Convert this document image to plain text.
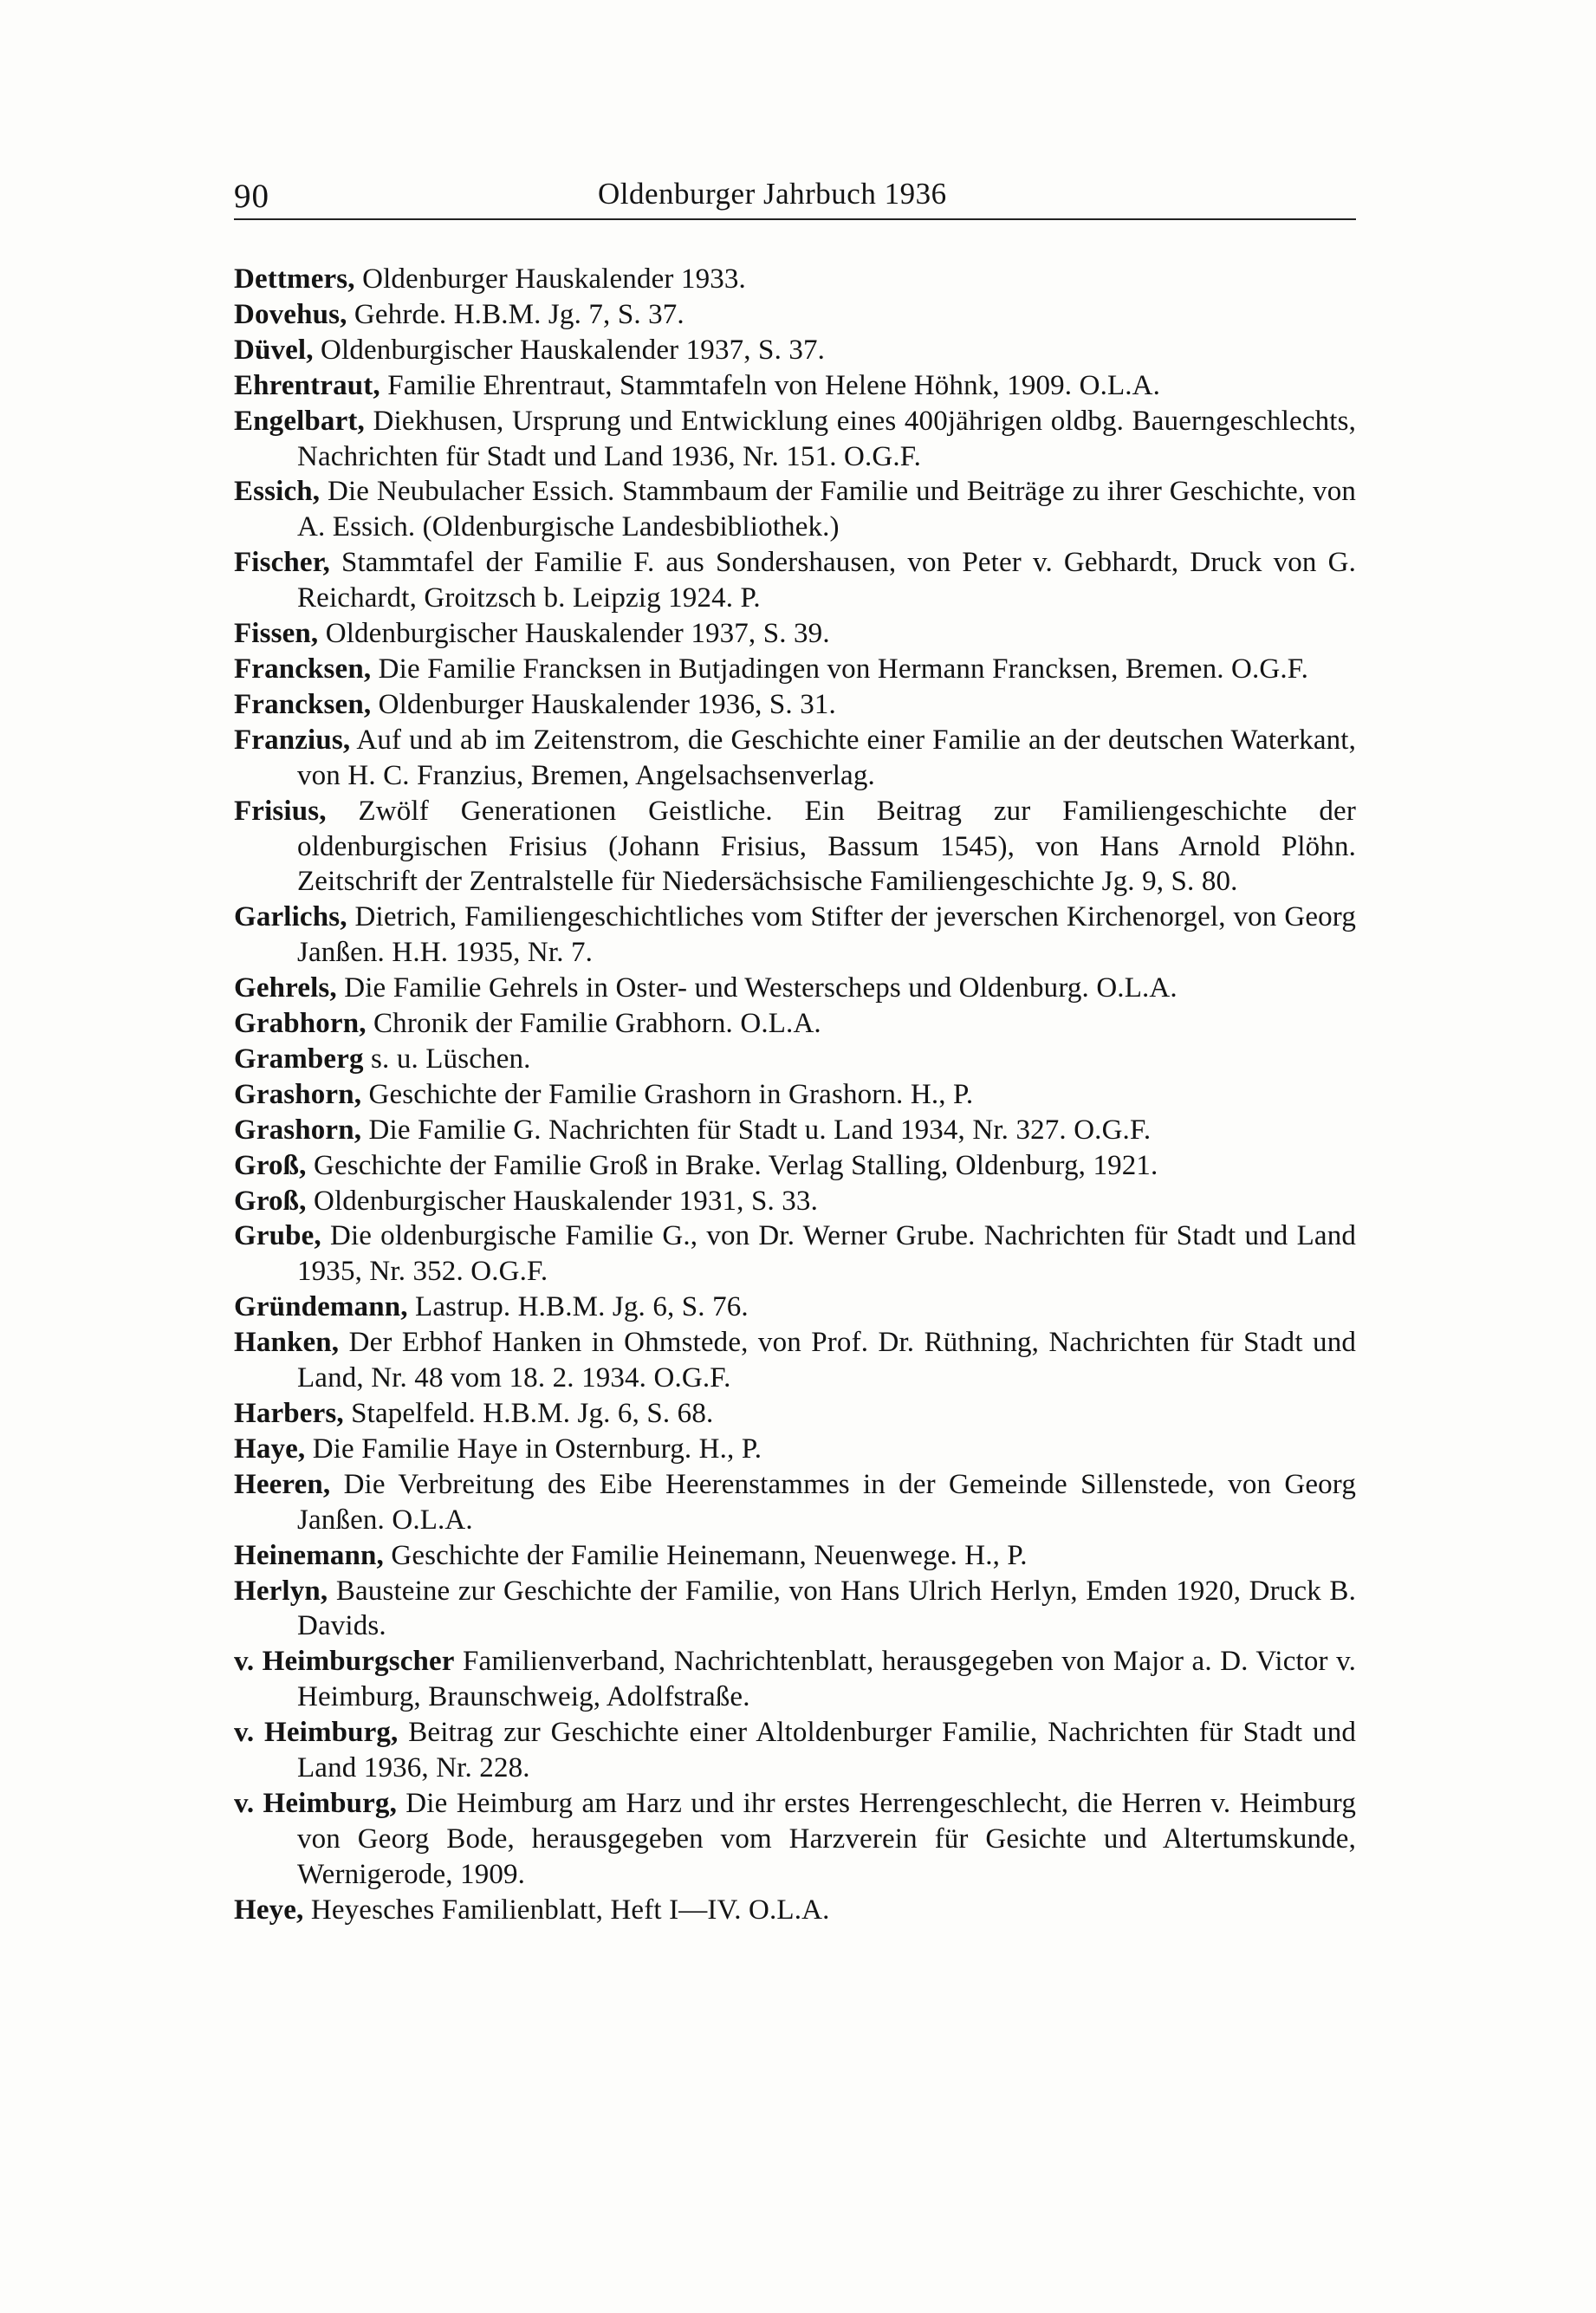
90	Oldenburger Jahrbuch 1936

Dettmers, Oldenburger Hauskalender 1933.

Dovehus, Gehrde. H.B.M. Jg. 7, S. 37.

Düvel, Oldenburgischer Hauskalender 1937, S. 37.

Ehrentraut, Familie Ehrentraut, Stammtafeln von Helene Höhnk, 1909. O.L.A.

Engelbart, Diekhusen, Ursprung und Entwicklung eines 400jährigen oldbg. Bauerngeschlechts, Nachrichten für Stadt und Land 1936, Nr. 151. O.G.F.

Essich, Die Neubulacher Essich. Stammbaum der Familie und Beiträge zu ihrer Geschichte, von A. Essich. (Oldenburgische Landesbibliothek.)

Fischer, Stammtafel der Familie F. aus Sondershausen, von Peter v. Gebhardt, Druck von G. Reichardt, Groitzsch b. Leipzig 1924. P.

Fissen, Oldenburgischer Hauskalender 1937, S. 39.

Francksen, Die Familie Francksen in Butjadingen von Hermann Francksen, Bremen. O.G.F.

Francksen, Oldenburger Hauskalender 1936, S. 31.

Franzius, Auf und ab im Zeitenstrom, die Geschichte einer Familie an der deutschen Waterkant, von H. C. Franzius, Bremen, Angelsachsenverlag.

Frisius, Zwölf Generationen Geistliche. Ein Beitrag zur Familiengeschichte der oldenburgischen Frisius (Johann Frisius, Bassum 1545), von Hans Arnold Plöhn. Zeitschrift der Zentralstelle für Niedersächsische Familiengeschichte Jg. 9, S. 80.

Garlichs, Dietrich, Familiengeschichtliches vom Stifter der jeverschen Kirchenorgel, von Georg Janßen. H.H. 1935, Nr. 7.

Gehrels, Die Familie Gehrels in Oster- und Westerscheps und Oldenburg. O.L.A.

Grabhorn, Chronik der Familie Grabhorn. O.L.A.

Gramberg s. u. Lüschen.

Grashorn, Geschichte der Familie Grashorn in Grashorn. H., P.

Grashorn, Die Familie G. Nachrichten für Stadt u. Land 1934, Nr. 327. O.G.F.

Groß, Geschichte der Familie Groß in Brake. Verlag Stalling, Oldenburg, 1921.

Groß, Oldenburgischer Hauskalender 1931, S. 33.

Grube, Die oldenburgische Familie G., von Dr. Werner Grube. Nachrichten für Stadt und Land 1935, Nr. 352. O.G.F.

Gründemann, Lastrup. H.B.M. Jg. 6, S. 76.

Hanken, Der Erbhof Hanken in Ohmstede, von Prof. Dr. Rüthning, Nachrichten für Stadt und Land, Nr. 48 vom 18. 2. 1934. O.G.F.

Harbers, Stapelfeld. H.B.M. Jg. 6, S. 68.

Haye, Die Familie Haye in Osternburg. H., P.

Heeren, Die Verbreitung des Eibe Heerenstammes in der Gemeinde Sillenstede, von Georg Janßen. O.L.A.

Heinemann, Geschichte der Familie Heinemann, Neuenwege. H., P.

Herlyn, Bausteine zur Geschichte der Familie, von Hans Ulrich Herlyn, Emden 1920, Druck B. Davids.

v. Heimburgscher Familienverband, Nachrichtenblatt, herausgegeben von Major a. D. Victor v. Heimburg, Braunschweig, Adolfstraße.

v. Heimburg, Beitrag zur Geschichte einer Altoldenburger Familie, Nachrichten für Stadt und Land 1936, Nr. 228.

v. Heimburg, Die Heimburg am Harz und ihr erstes Herrengeschlecht, die Herren v. Heimburg von Georg Bode, herausgegeben vom Harzverein für Gesichte und Altertumskunde, Wernigerode, 1909.

Heye, Heyesches Familienblatt, Heft I—IV. O.L.A.
